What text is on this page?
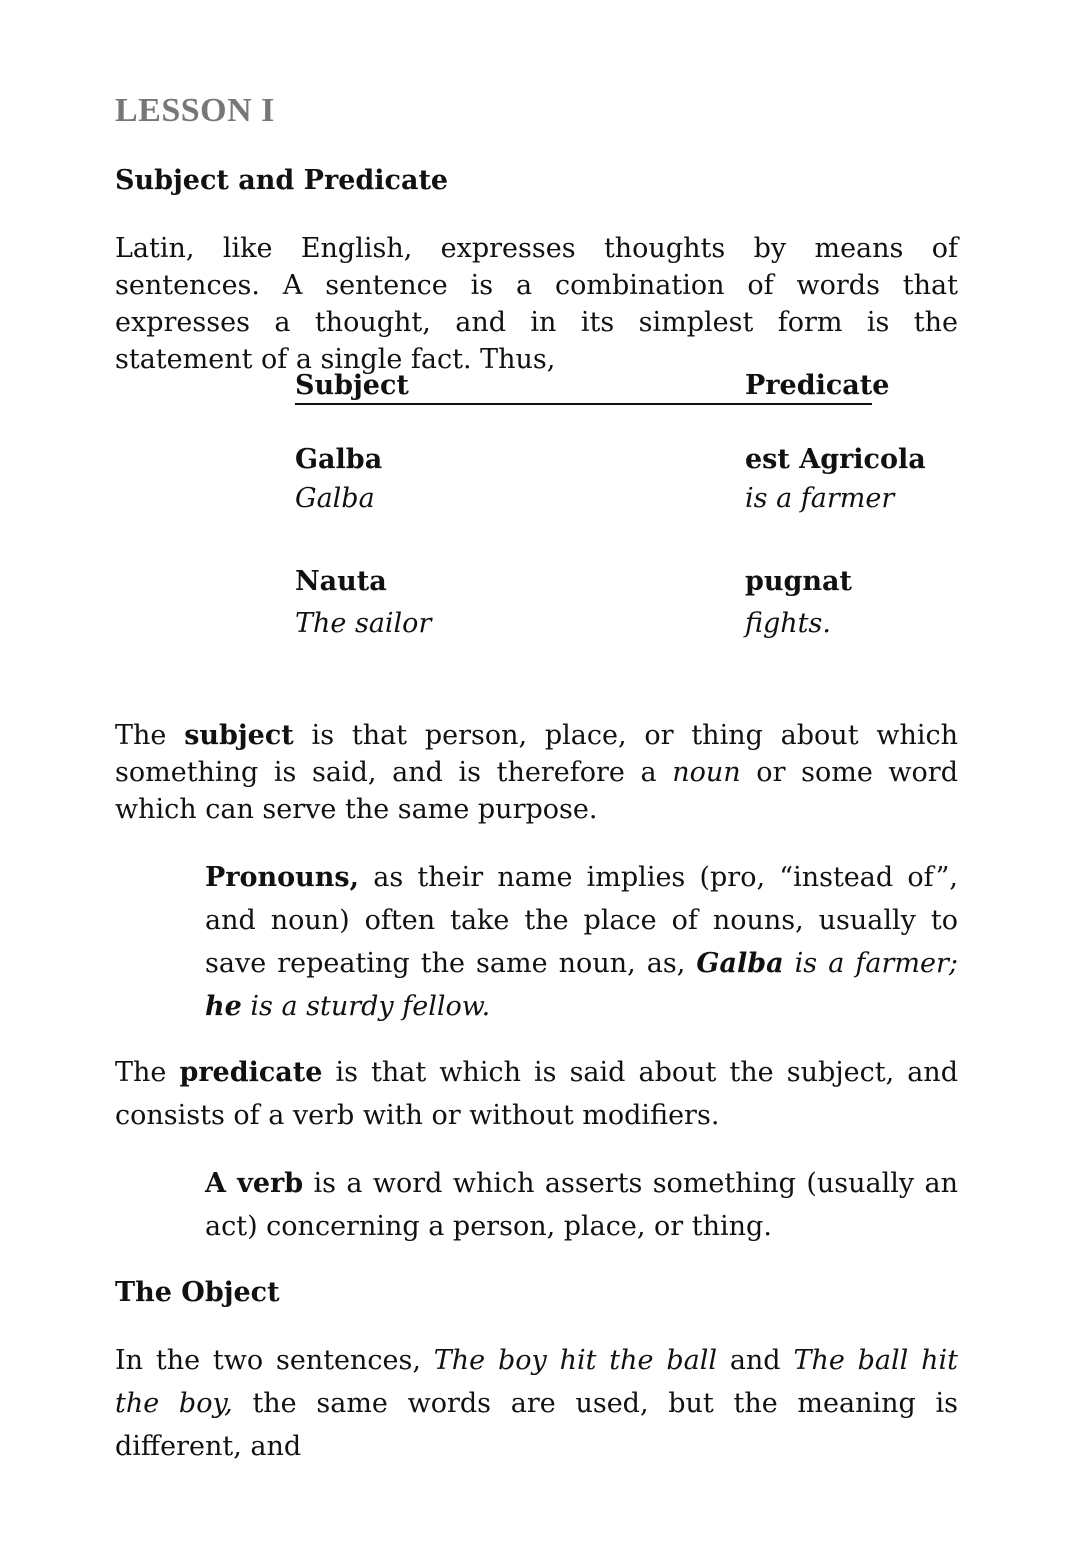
LESSON I
Subject and Predicate

Latin, like English, expresses thoughts by means of sentences. A sentence is a combination of words that expresses a thought, and in its simplest form is the statement of a single fact. Thus,

Subject	Predicate
Galba	est Agricola
Galba	is a farmer
Nauta	pugnat
The sailor	fights.

The subject is that person, place, or thing about which something is said, and is therefore a noun or some word which can serve the same purpose.

Pronouns, as their name implies (pro, “instead of”, and noun) often take the place of nouns, usually to save repeating the same noun, as, Galba is a farmer; he is a sturdy fellow.

The predicate is that which is said about the subject, and consists of a verb with or without modifiers.

A verb is a word which asserts something (usually an act) concerning a person, place, or thing.

The Object

In the two sentences, The boy hit the ball and The ball hit the boy, the same words are used, but the meaning is different, and
